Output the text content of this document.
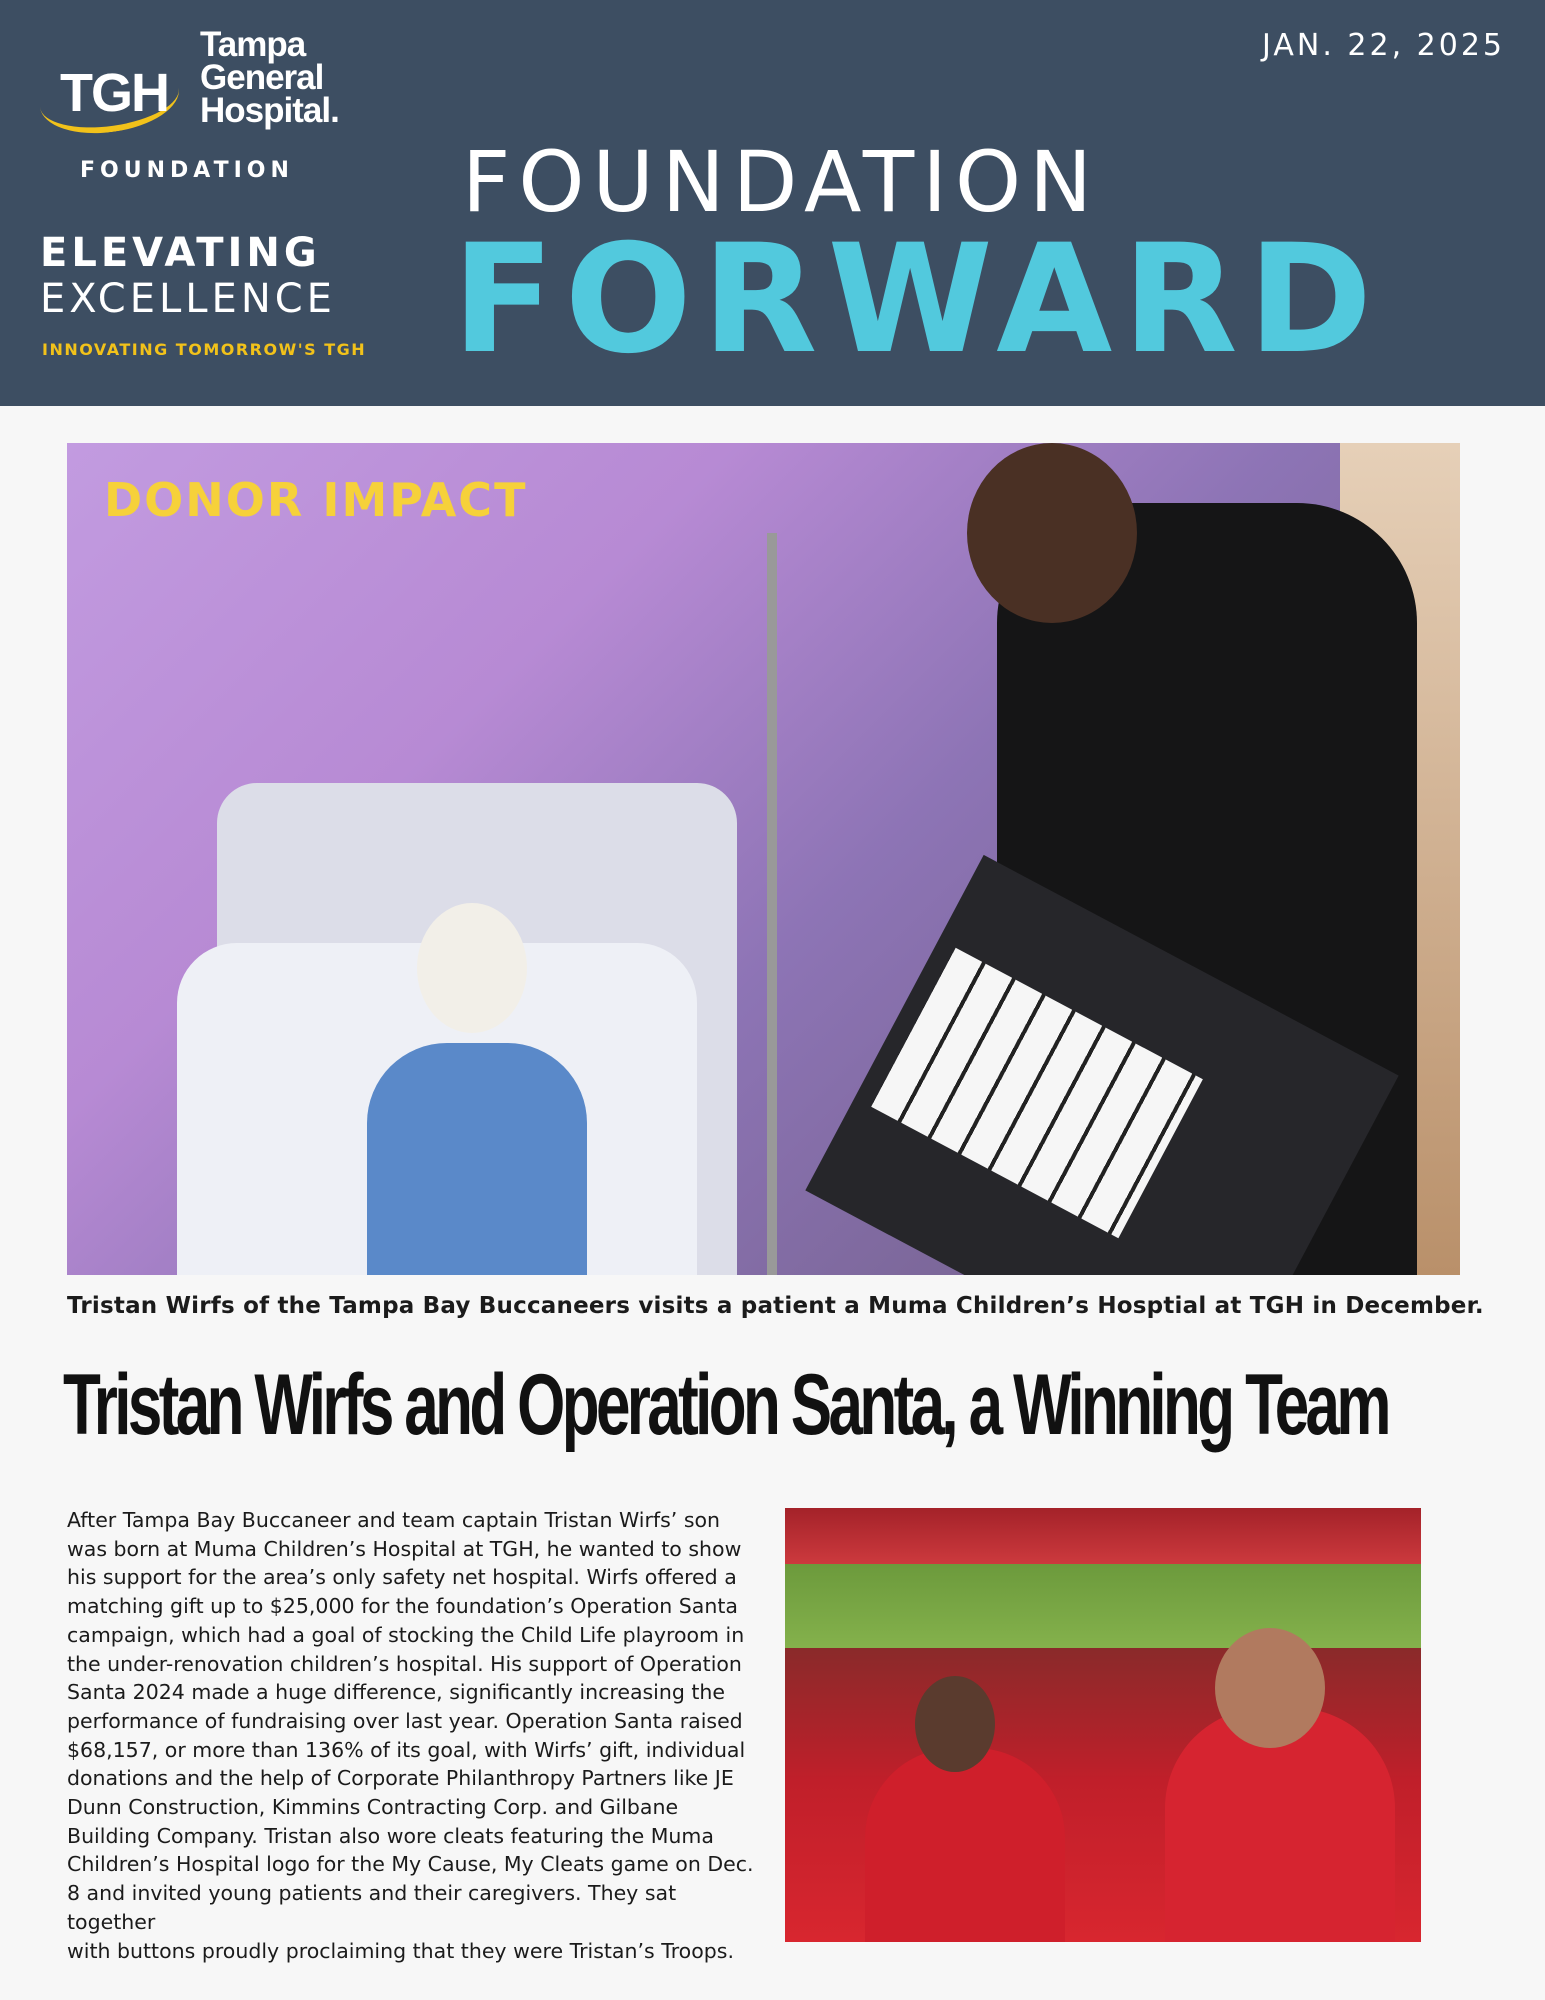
JAN. 22, 2025
TGH
Tampa
General
Hospital.
FOUNDATION
ELEVATING
EXCELLENCE
INNOVATING TOMORROW'S TGH
FOUNDATION
FORWARD
DONOR IMPACT
Tristan Wirfs of the Tampa Bay Buccaneers visits a patient a Muma Children’s Hosptial at TGH in December.
Tristan Wirfs and Operation Santa, a Winning Team
After Tampa Bay Buccaneer and team captain Tristan Wirfs’ son
was born at Muma Children’s Hospital at TGH, he wanted to show
his support for the area’s only safety net hospital. Wirfs offered a
matching gift up to $25,000 for the foundation’s Operation Santa
campaign, which had a goal of stocking the Child Life playroom in
the under-renovation children’s hospital. His support of Operation
Santa 2024 made a huge difference, significantly increasing the
performance of fundraising over last year. Operation Santa raised
$68,157, or more than 136% of its goal, with Wirfs’ gift, individual
donations and the help of Corporate Philanthropy Partners like JE
Dunn Construction, Kimmins Contracting Corp. and Gilbane
Building Company. Tristan also wore cleats featuring the Muma
Children’s Hospital logo for the My Cause, My Cleats game on Dec.
8 and invited young patients and their caregivers. They sat together
with buttons proudly proclaiming that they were Tristan’s Troops.
